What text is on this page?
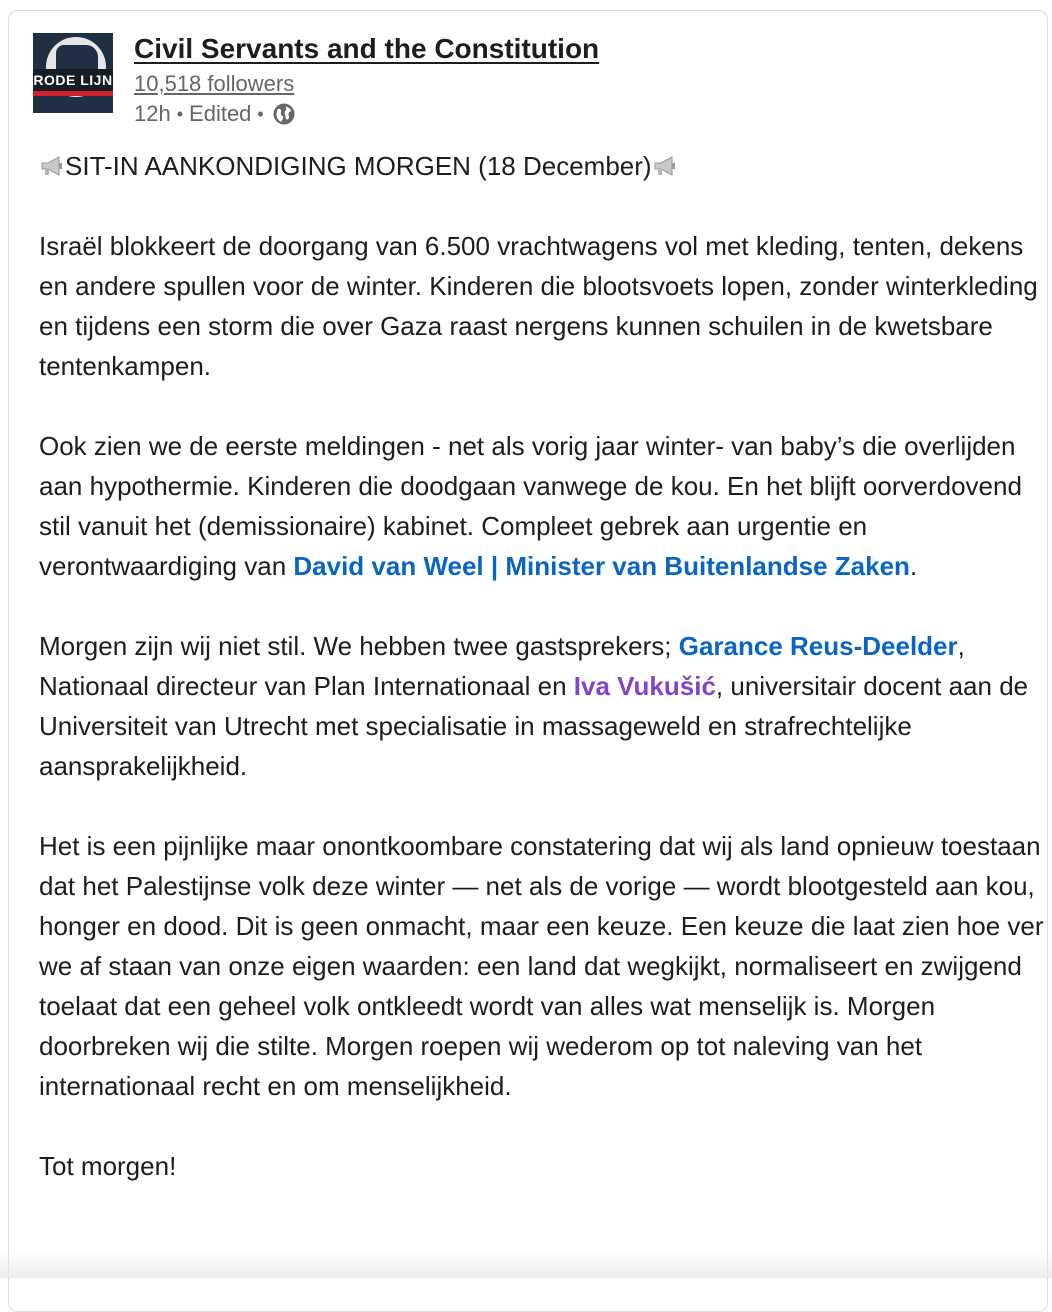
RODE LIJN
Civil Servants and the Constitution
10,518 followers
12h • Edited •

SIT-IN AANKONDIGING MORGEN (18 December)

Israël blokkeert de doorgang van 6.500 vrachtwagens vol met kleding, tenten, dekens en andere spullen voor de winter. Kinderen die blootsvoets lopen, zonder winterkleding en tijdens een storm die over Gaza raast nergens kunnen schuilen in de kwetsbare tentenkampen.

Ook zien we de eerste meldingen - net als vorig jaar winter- van baby’s die overlijden aan hypothermie. Kinderen die doodgaan vanwege de kou. En het blijft oorverdovend stil vanuit het (demissionaire) kabinet. Compleet gebrek aan urgentie en verontwaardiging van David van Weel | Minister van Buitenlandse Zaken.

Morgen zijn wij niet stil. We hebben twee gastsprekers; Garance Reus-Deelder, Nationaal directeur van Plan Internationaal en Iva Vukušić, universitair docent aan de Universiteit van Utrecht met specialisatie in massageweld en strafrechtelijke aansprakelijkheid.

Het is een pijnlijke maar onontkoombare constatering dat wij als land opnieuw toestaan dat het Palestijnse volk deze winter — net als de vorige — wordt blootgesteld aan kou, honger en dood. Dit is geen onmacht, maar een keuze. Een keuze die laat zien hoe ver we af staan van onze eigen waarden: een land dat wegkijkt, normaliseert en zwijgend toelaat dat een geheel volk ontkleedt wordt van alles wat menselijk is. Morgen doorbreken wij die stilte. Morgen roepen wij wederom op tot naleving van het internationaal recht en om menselijkheid.

Tot morgen!
